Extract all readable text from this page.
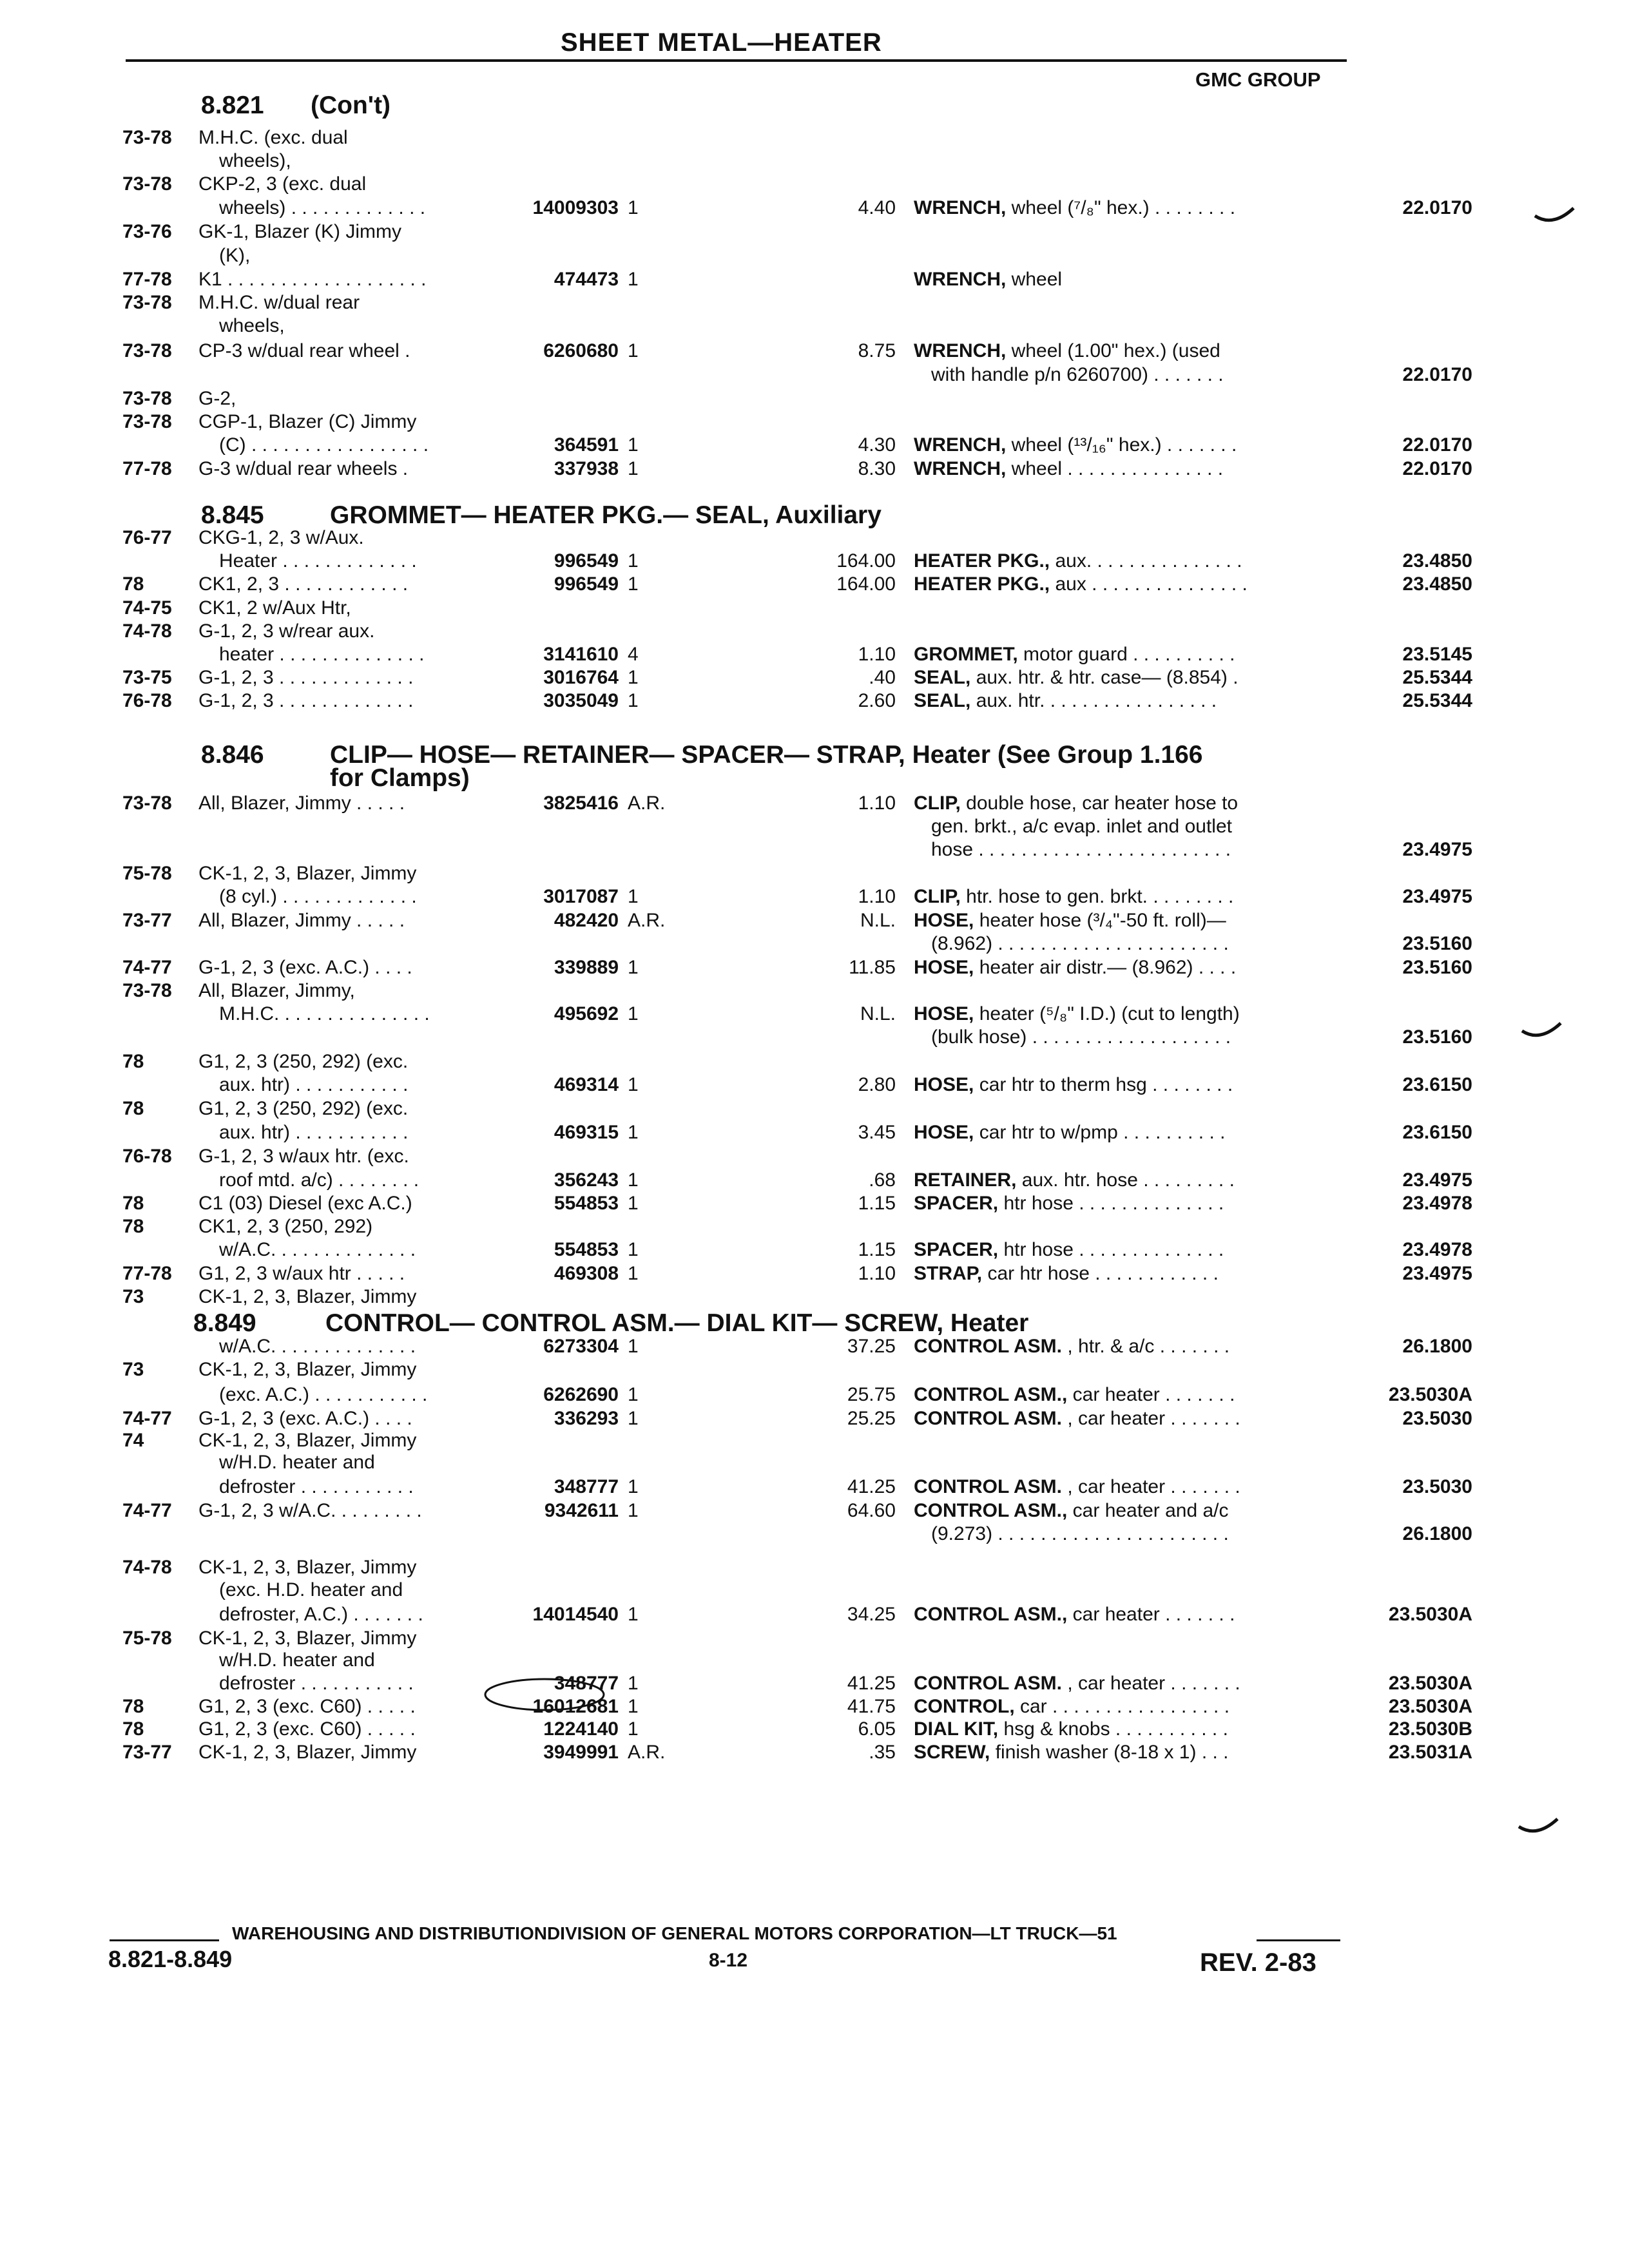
SHEET METAL—HEATER
GMC GROUP
8.821 (Con't)
8.845	GROMMET— HEATER PKG.— SEAL, Auxiliary
8.846	CLIP— HOSE— RETAINER— SPACER— STRAP, Heater (See Group 1.166
for Clamps)
8.849	CONTROL— CONTROL ASM.— DIAL KIT— SCREW, Heater
73-78 M.H.C. (exc. dual
wheels),
73-78 CKP-2, 3 (exc. dual
wheels) . . . . . . . . . . . . .	14009303 1	4.40 WRENCH, wheel (⁷/₈" hex.) . . . . . . . .	22.0170
73-76 GK-1, Blazer (K) Jimmy
(K),
77-78 K1 . . . . . . . . . . . . . . . . . . .	474473 1	WRENCH, wheel
73-78 M.H.C. w/dual rear
wheels,
73-78 CP-3 w/dual rear wheel .	6260680 1	8.75 WRENCH, wheel (1.00" hex.) (used
with handle p/n 6260700) . . . . . . .	22.0170
73-78 G-2,
73-78 CGP-1, Blazer (C) Jimmy
(C) . . . . . . . . . . . . . . . . .	364591 1	4.30 WRENCH, wheel (¹³/₁₆" hex.) . . . . . . .	22.0170
77-78 G-3 w/dual rear wheels .	337938 1	8.30 WRENCH, wheel . . . . . . . . . . . . . . .	22.0170
76-77 CKG-1, 2, 3 w/Aux.
Heater . . . . . . . . . . . . .	996549 1	164.00 HEATER PKG., aux. . . . . . . . . . . . . . .	23.4850
78	CK1, 2, 3 . . . . . . . . . . . .	996549 1	164.00 HEATER PKG., aux . . . . . . . . . . . . . . .	23.4850
74-75 CK1, 2 w/Aux Htr,
74-78 G-1, 2, 3 w/rear aux.
heater . . . . . . . . . . . . . .	3141610 4	1.10 GROMMET, motor guard . . . . . . . . . .	23.5145
73-75 G-1, 2, 3 . . . . . . . . . . . . .	3016764 1	.40 SEAL, aux. htr. & htr. case— (8.854) .	25.5344
76-78 G-1, 2, 3 . . . . . . . . . . . . .	3035049 1	2.60 SEAL, aux. htr. . . . . . . . . . . . . . . . .	25.5344
73-78 All, Blazer, Jimmy . . . . .	3825416 A.R.	1.10 CLIP, double hose, car heater hose to
gen. brkt., a/c evap. inlet and outlet
hose . . . . . . . . . . . . . . . . . . . . . . . .	23.4975
75-78 CK-1, 2, 3, Blazer, Jimmy
(8 cyl.) . . . . . . . . . . . . .	3017087 1	1.10 CLIP, htr. hose to gen. brkt. . . . . . . . .	23.4975
73-77 All, Blazer, Jimmy . . . . .	482420 A.R.	N.L. HOSE, heater hose (³/₄"-50 ft. roll)—
(8.962) . . . . . . . . . . . . . . . . . . . . . .	23.5160
74-77 G-1, 2, 3 (exc. A.C.) . . . .	339889 1	11.85 HOSE, heater air distr.— (8.962) . . . .	23.5160
73-78 All, Blazer, Jimmy,
M.H.C. . . . . . . . . . . . . . .	495692 1	N.L. HOSE, heater (⁵/₈" I.D.) (cut to length)
(bulk hose) . . . . . . . . . . . . . . . . . . .	23.5160
78	G1, 2, 3 (250, 292) (exc.
aux. htr) . . . . . . . . . . .	469314 1	2.80 HOSE, car htr to therm hsg . . . . . . . .	23.6150
78	G1, 2, 3 (250, 292) (exc.
aux. htr) . . . . . . . . . . .	469315 1	3.45 HOSE, car htr to w/pmp . . . . . . . . . .	23.6150
76-78 G-1, 2, 3 w/aux htr. (exc.
roof mtd. a/c) . . . . . . . .	356243 1	.68 RETAINER, aux. htr. hose . . . . . . . . .	23.4975
78	C1 (03) Diesel (exc A.C.)	554853 1	1.15 SPACER, htr hose . . . . . . . . . . . . . .	23.4978
78	CK1, 2, 3 (250, 292)
w/A.C. . . . . . . . . . . . . .	554853 1	1.15 SPACER, htr hose . . . . . . . . . . . . . .	23.4978
77-78 G1, 2, 3 w/aux htr . . . . .	469308 1	1.10 STRAP, car htr hose . . . . . . . . . . . .	23.4975
73	CK-1, 2, 3, Blazer, Jimmy
w/A.C. . . . . . . . . . . . . .	6273304 1	37.25 CONTROL ASM. , htr. & a/c . . . . . . .	26.1800
73	CK-1, 2, 3, Blazer, Jimmy
(exc. A.C.) . . . . . . . . . . .	6262690 1	25.75 CONTROL ASM., car heater . . . . . . .	23.5030A
74-77 G-1, 2, 3 (exc. A.C.) . . . .	336293 1	25.25 CONTROL ASM. , car heater . . . . . . .	23.5030
74	CK-1, 2, 3, Blazer, Jimmy
w/H.D. heater and
defroster . . . . . . . . . . .	348777 1	41.25 CONTROL ASM. , car heater . . . . . . .	23.5030
74-77 G-1, 2, 3 w/A.C. . . . . . . . .	9342611 1	64.60 CONTROL ASM., car heater and a/c
(9.273) . . . . . . . . . . . . . . . . . . . . . .	26.1800
74-78 CK-1, 2, 3, Blazer, Jimmy
(exc. H.D. heater and
defroster, A.C.) . . . . . . .	14014540 1	34.25 CONTROL ASM., car heater . . . . . . .	23.5030A
75-78 CK-1, 2, 3, Blazer, Jimmy
w/H.D. heater and
defroster . . . . . . . . . . .	348777 1	41.25 CONTROL ASM. , car heater . . . . . . .	23.5030A
78	G1, 2, 3 (exc. C60) . . . . .	16012681 1	41.75 CONTROL, car . . . . . . . . . . . . . . . . .	23.5030A
78	G1, 2, 3 (exc. C60) . . . . .	1224140 1	6.05 DIAL KIT, hsg & knobs . . . . . . . . . . .	23.5030B
73-77 CK-1, 2, 3, Blazer, Jimmy	3949991 A.R.	.35 SCREW, finish washer (8-18 x 1) . . .	23.5031A
WAREHOUSING AND DISTRIBUTIONDIVISION OF GENERAL MOTORS CORPORATION—LT TRUCK—51
8.821-8.849	8-12	REV. 2-83
